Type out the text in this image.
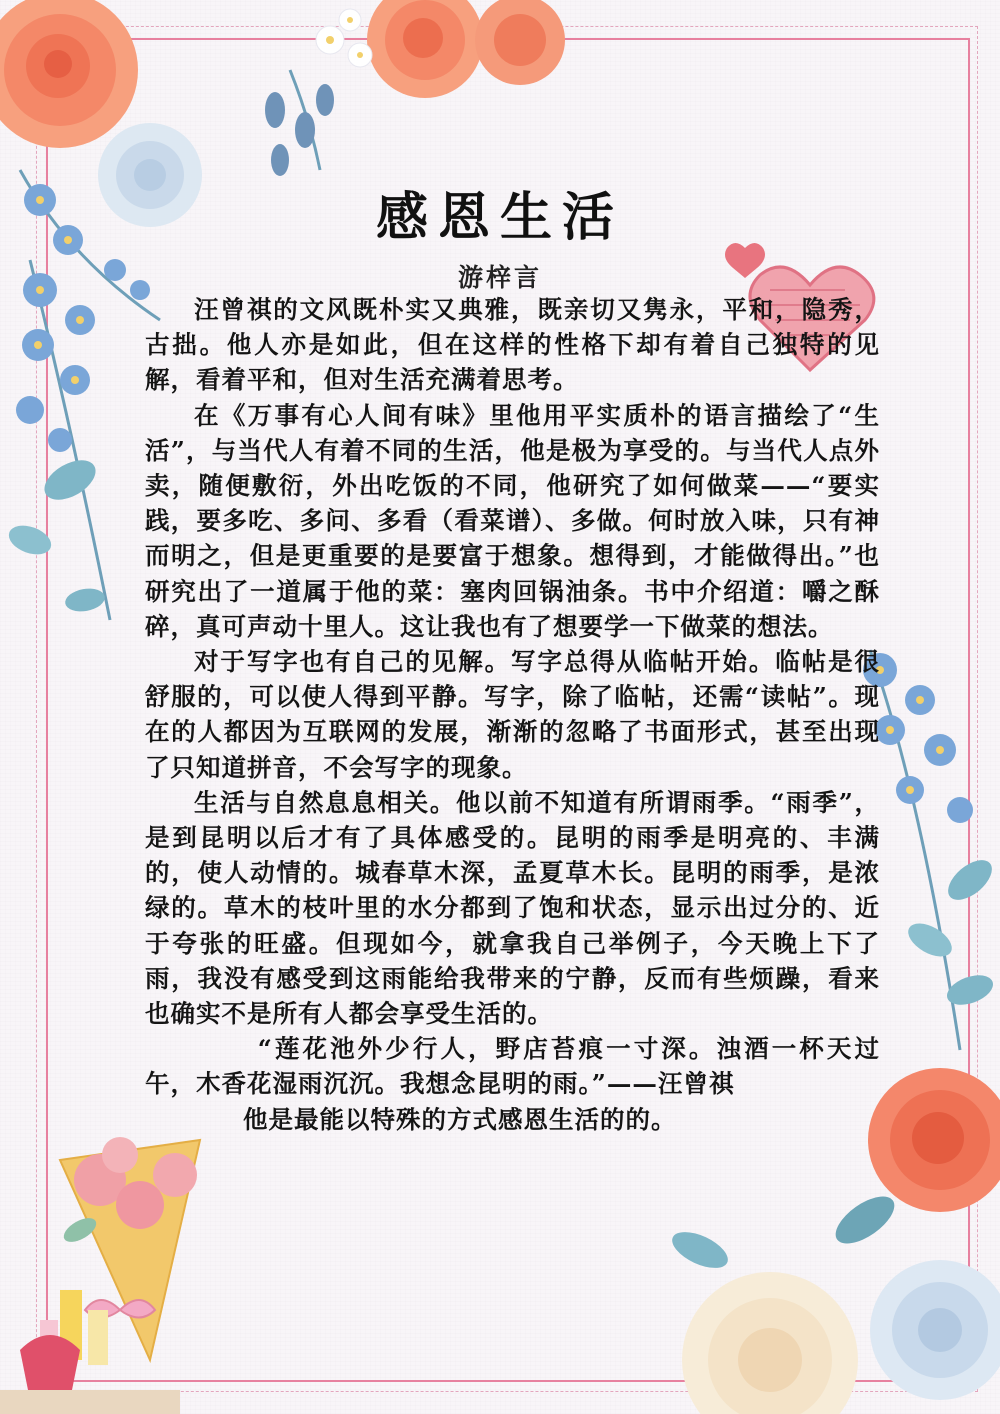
感恩生活
游梓言

汪曾祺的文风既朴实又典雅，既亲切又隽永，平和，隐秀，古拙。他人亦是如此，但在这样的性格下却有着自己独特的见解，看着平和，但对生活充满着思考。

在《万事有心人间有味》里他用平实质朴的语言描绘了“生活”，与当代人有着不同的生活，他是极为享受的。与当代人点外卖，随便敷衍，外出吃饭的不同，他研究了如何做菜——“要实践，要多吃、多问、多看（看菜谱）、多做。何时放入味，只有神而明之，但是更重要的是要富于想象。想得到，才能做得出。”也研究出了一道属于他的菜：塞肉回锅油条。书中介绍道：嚼之酥碎，真可声动十里人。这让我也有了想要学一下做菜的想法。

对于写字也有自己的见解。写字总得从临帖开始。临帖是很舒服的，可以使人得到平静。写字，除了临帖，还需“读帖”。现在的人都因为互联网的发展，渐渐的忽略了书面形式，甚至出现了只知道拼音，不会写字的现象。

生活与自然息息相关。他以前不知道有所谓雨季。“雨季”，是到昆明以后才有了具体感受的。昆明的雨季是明亮的、丰满的，使人动情的。城春草木深，孟夏草木长。昆明的雨季，是浓绿的。草木的枝叶里的水分都到了饱和状态，显示出过分的、近于夸张的旺盛。但现如今，就拿我自己举例子，今天晚上下了雨，我没有感受到这雨能给我带来的宁静，反而有些烦躁，看来也确实不是所有人都会享受生活的。

“莲花池外少行人，野店苔痕一寸深。浊酒一杯天过午，木香花湿雨沉沉。我想念昆明的雨。”——汪曾祺

他是最能以特殊的方式感恩生活的的。
